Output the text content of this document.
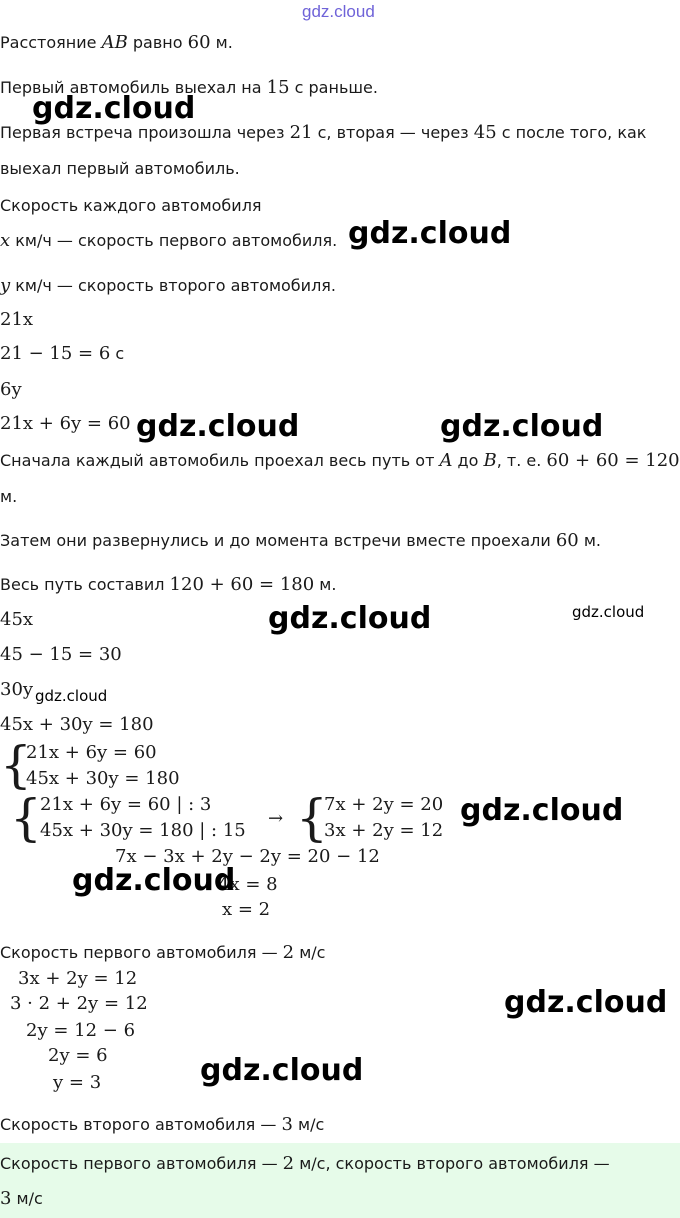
gdz.cloud
Расстояние AB равно 60 м.
Первый автомобиль выехал на 15 с раньше.
Первая встреча произошла через 21 с, вторая — через 45 с после того, как
выехал первый автомобиль.
Скорость каждого автомобиля
x км/ч — скорость первого автомобиля.
y км/ч — скорость второго автомобиля.
21x
21 − 15 = 6 с
6y
21x + 6y = 60
Сначала каждый автомобиль проехал весь путь от A до B, т. е. 60 + 60 = 120
м.
Затем они развернулись и до момента встречи вместе проехали 60 м.
Весь путь составил 120 + 60 = 180 м.
45x
45 − 15 = 30
30y
45x + 30y = 180
{
21x + 6y = 60
45x + 30y = 180
{
21x + 6y = 60 | : 3
45x + 30y = 180 | : 15
→ {
7x + 2y = 20
3x + 2y = 12
7x − 3x + 2y − 2y = 20 − 12
4x = 8
x = 2
Скорость первого автомобиля — 2 м/с
3x + 2y = 12
3 · 2 + 2y = 12
2y = 12 − 6
2y = 6
y = 3
Скорость второго автомобиля — 3 м/с
Скорость первого автомобиля — 2 м/с, скорость второго автомобиля —
3 м/с
gdz.cloud
gdz.cloud
gdz.cloud	gdz.cloud
gdz.cloud	gdz.cloud
gdz.cloud
gdz.cloud
gdz.cloud
gdz.cloud
gdz.cloud
